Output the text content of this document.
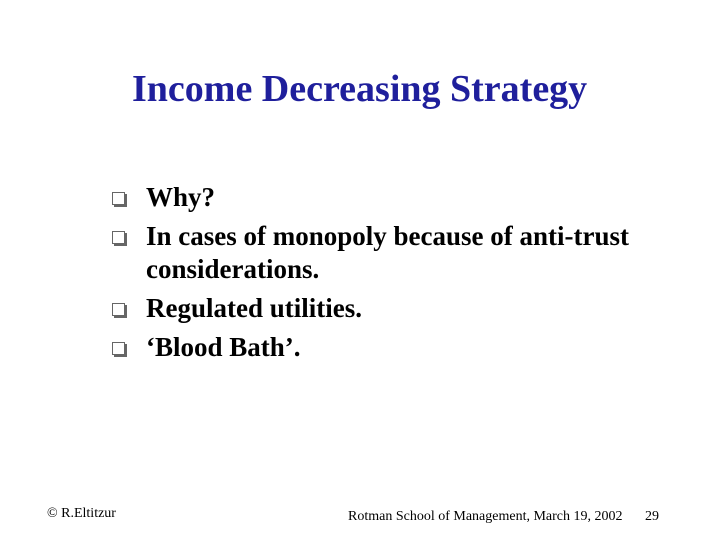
Income Decreasing Strategy
Why?
In cases of monopoly because of anti-trust considerations.
Regulated utilities.
‘Blood Bath’.
© R.Eltitzur	Rotman School of Management, March 19, 2002 29
